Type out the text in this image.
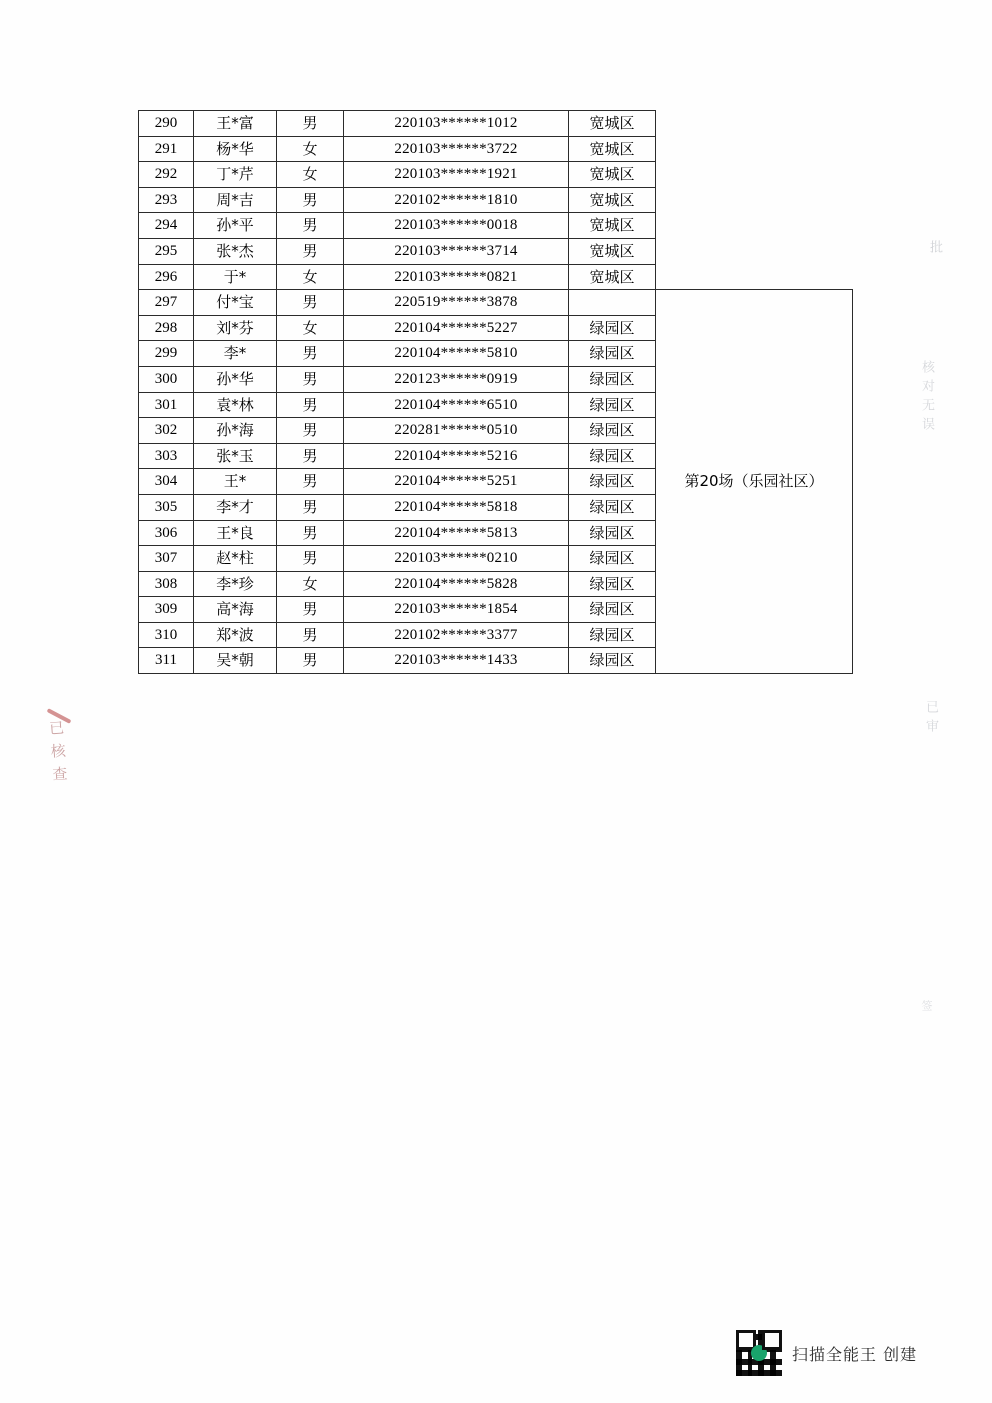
290	王*富	男	220103******1012	宽城区	
291	杨*华	女	220103******3722	宽城区	
292	丁*芹	女	220103******1921	宽城区	
293	周*吉	男	220102******1810	宽城区	
294	孙*平	男	220103******0018	宽城区	
295	张*杰	男	220103******3714	宽城区	
296	于*	女	220103******0821	宽城区	
297	付*宝	男	220519******3878		第20场（乐园社区）
298	刘*芬	女	220104******5227	绿园区	
299	李*	男	220104******5810	绿园区	
300	孙*华	男	220123******0919	绿园区	
301	袁*林	男	220104******6510	绿园区	
302	孙*海	男	220281******0510	绿园区	
303	张*玉	男	220104******5216	绿园区	
304	王*	男	220104******5251	绿园区	
305	李*才	男	220104******5818	绿园区	
306	王*良	男	220104******5813	绿园区	
307	赵*柱	男	220103******0210	绿园区	
308	李*珍	女	220104******5828	绿园区	
309	高*海	男	220103******1854	绿园区	
310	郑*波	男	220102******3377	绿园区	
311	吴*朝	男	220103******1433	绿园区	
批
核对无误
已审
签
已核查
扫描全能王 创建
